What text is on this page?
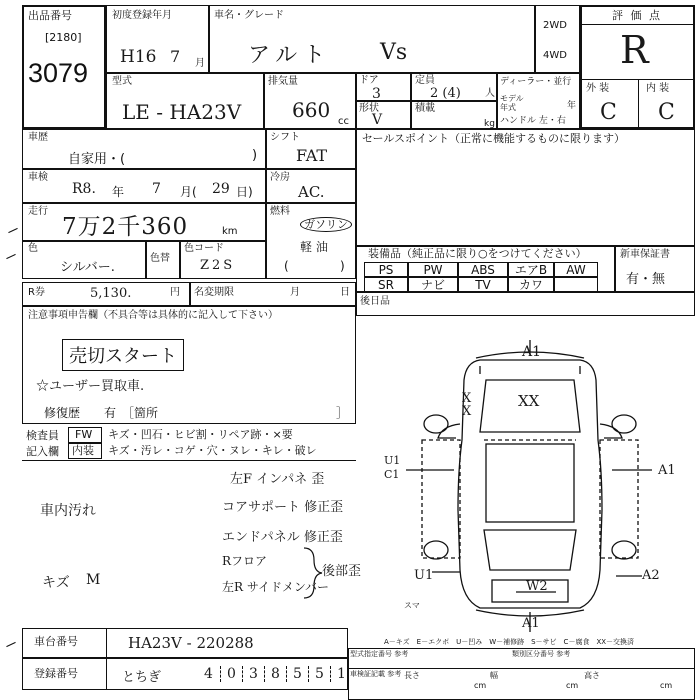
出品番号
[2180]
3079
初度登録年月
H16 7 月
車名・グレード
アルト Vs
2WD
4WD
評 価 点
R
外 装	内 装
C C
型式
LE - HA23V
排気量
660 cc
ドア
3
形状
V
定員
2 (4) 人
積載
kg
ディーラー・並行
モデル年式	年
ハンドル 左・右
車歴
自家用・(	)
シフト
FAT
車検
R8. 年 7 月( 29 日)
冷房
AC.
走行
7万2千360	km
燃料
ガソリン
軽 油
(	)
色
シルバー.
色替
色コード
Z2S
R券	5,130.	円 名変期限	月	日
セールスポイント（正常に機能するものに限ります）
装備品（純正品に限り○をつけてください）
PS	PW	ABS	エアB	AW
SR	ナビ	TV	カワ
新車保証書
有・無
後日品
注意事項申告欄（不具合等は具体的に記入して下さい）
売切スタート
☆ユーザー買取車.
修復歴　　有　［箇所	］
検査員
記入欄
FW
内装
キズ・凹石・ヒビ割・リペア跡・×要
キズ・汚レ・コゲ・穴・ヌレ・キレ・破レ
左F インパネ 歪
車内汚れ	コアサポート 修正歪
エンドパネル 修正歪
Rフロア
左R サイドメンバー
後部歪
キズ M
A1
X X
XX
U1 C1	A1
U1
W2
A2
スマ
A1
A－キズ　E－エクボ　U－凹み　W－補修跡　S－サビ　C－腐食　XX－交換済
車台番号	HA23V - 220288
登録番号	とちぎ	4	0 3 8 5 5 1
型式指定番号 参考	類別区分番号 参考
車検証記載 参考 長さ
cm
幅
cm
高さ
cm
